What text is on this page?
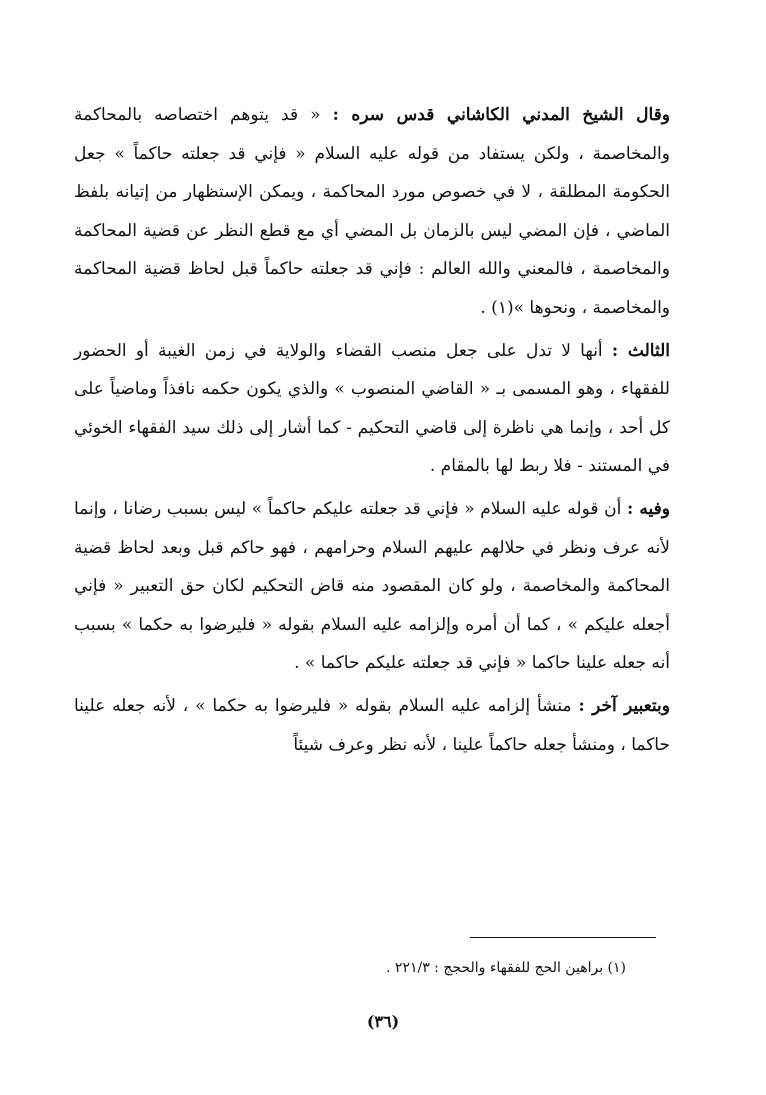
وقال الشيخ المدني الكاشاني قدس سره : « قد يتوهم اختصاصه بالمحاكمة والمخاصمة ، ولكن يستفاد من قوله عليه السلام « فإني قد جعلته حاكماً » جعل الحكومة المطلقة ، لا في خصوص مورد المحاكمة ، ويمكن الإستظهار من إتيانه بلفظ الماضي ، فإن المضي ليس بالزمان بل المضي أي مع قطع النظر عن قضية المحاكمة والمخاصمة ، فالمعني والله العالم : فإني قد جعلته حاكماً قبل لحاظ قضية المحاكمة والمخاصمة ، ونحوها »(١) .

الثالث : أنها لا تدل على جعل منصب القضاء والولاية في زمن الغيبة أو الحضور للفقهاء ، وهو المسمى بـ « القاضي المنصوب » والذي يكون حكمه نافذاً وماضياً على كل أحد ، وإنما هي ناظرة إلى قاضي التحكيم - كما أشار إلى ذلك سيد الفقهاء الخوئي في المستند - فلا ربط لها بالمقام .

وفيه : أن قوله عليه السلام « فإني قد جعلته عليكم حاكماً » ليس بسبب رضانا ، وإنما لأنه عرف ونظر في حلالهم عليهم السلام وحرامهم ، فهو حاكم قبل وبعد لحاظ قضية المحاكمة والمخاصمة ، ولو كان المقصود منه قاض التحكيم لكان حق التعبير « فإني أجعله عليكم » ، كما أن أمره وإلزامه عليه السلام بقوله « فليرضوا به حكما » بسبب أنه جعله علينا حاكما « فإني قد جعلته عليكم حاكما » .

وبتعبير آخر : منشأ إلزامه عليه السلام بقوله « فليرضوا به حكما » ، لأنه جعله علينا حاكما ، ومنشأ جعله حاكماً علينا ، لأنه نظر وعرف شيئاً

(١) براهين الحج للفقهاء والحجج : ٢٢١/٣ .
(٣٦)
